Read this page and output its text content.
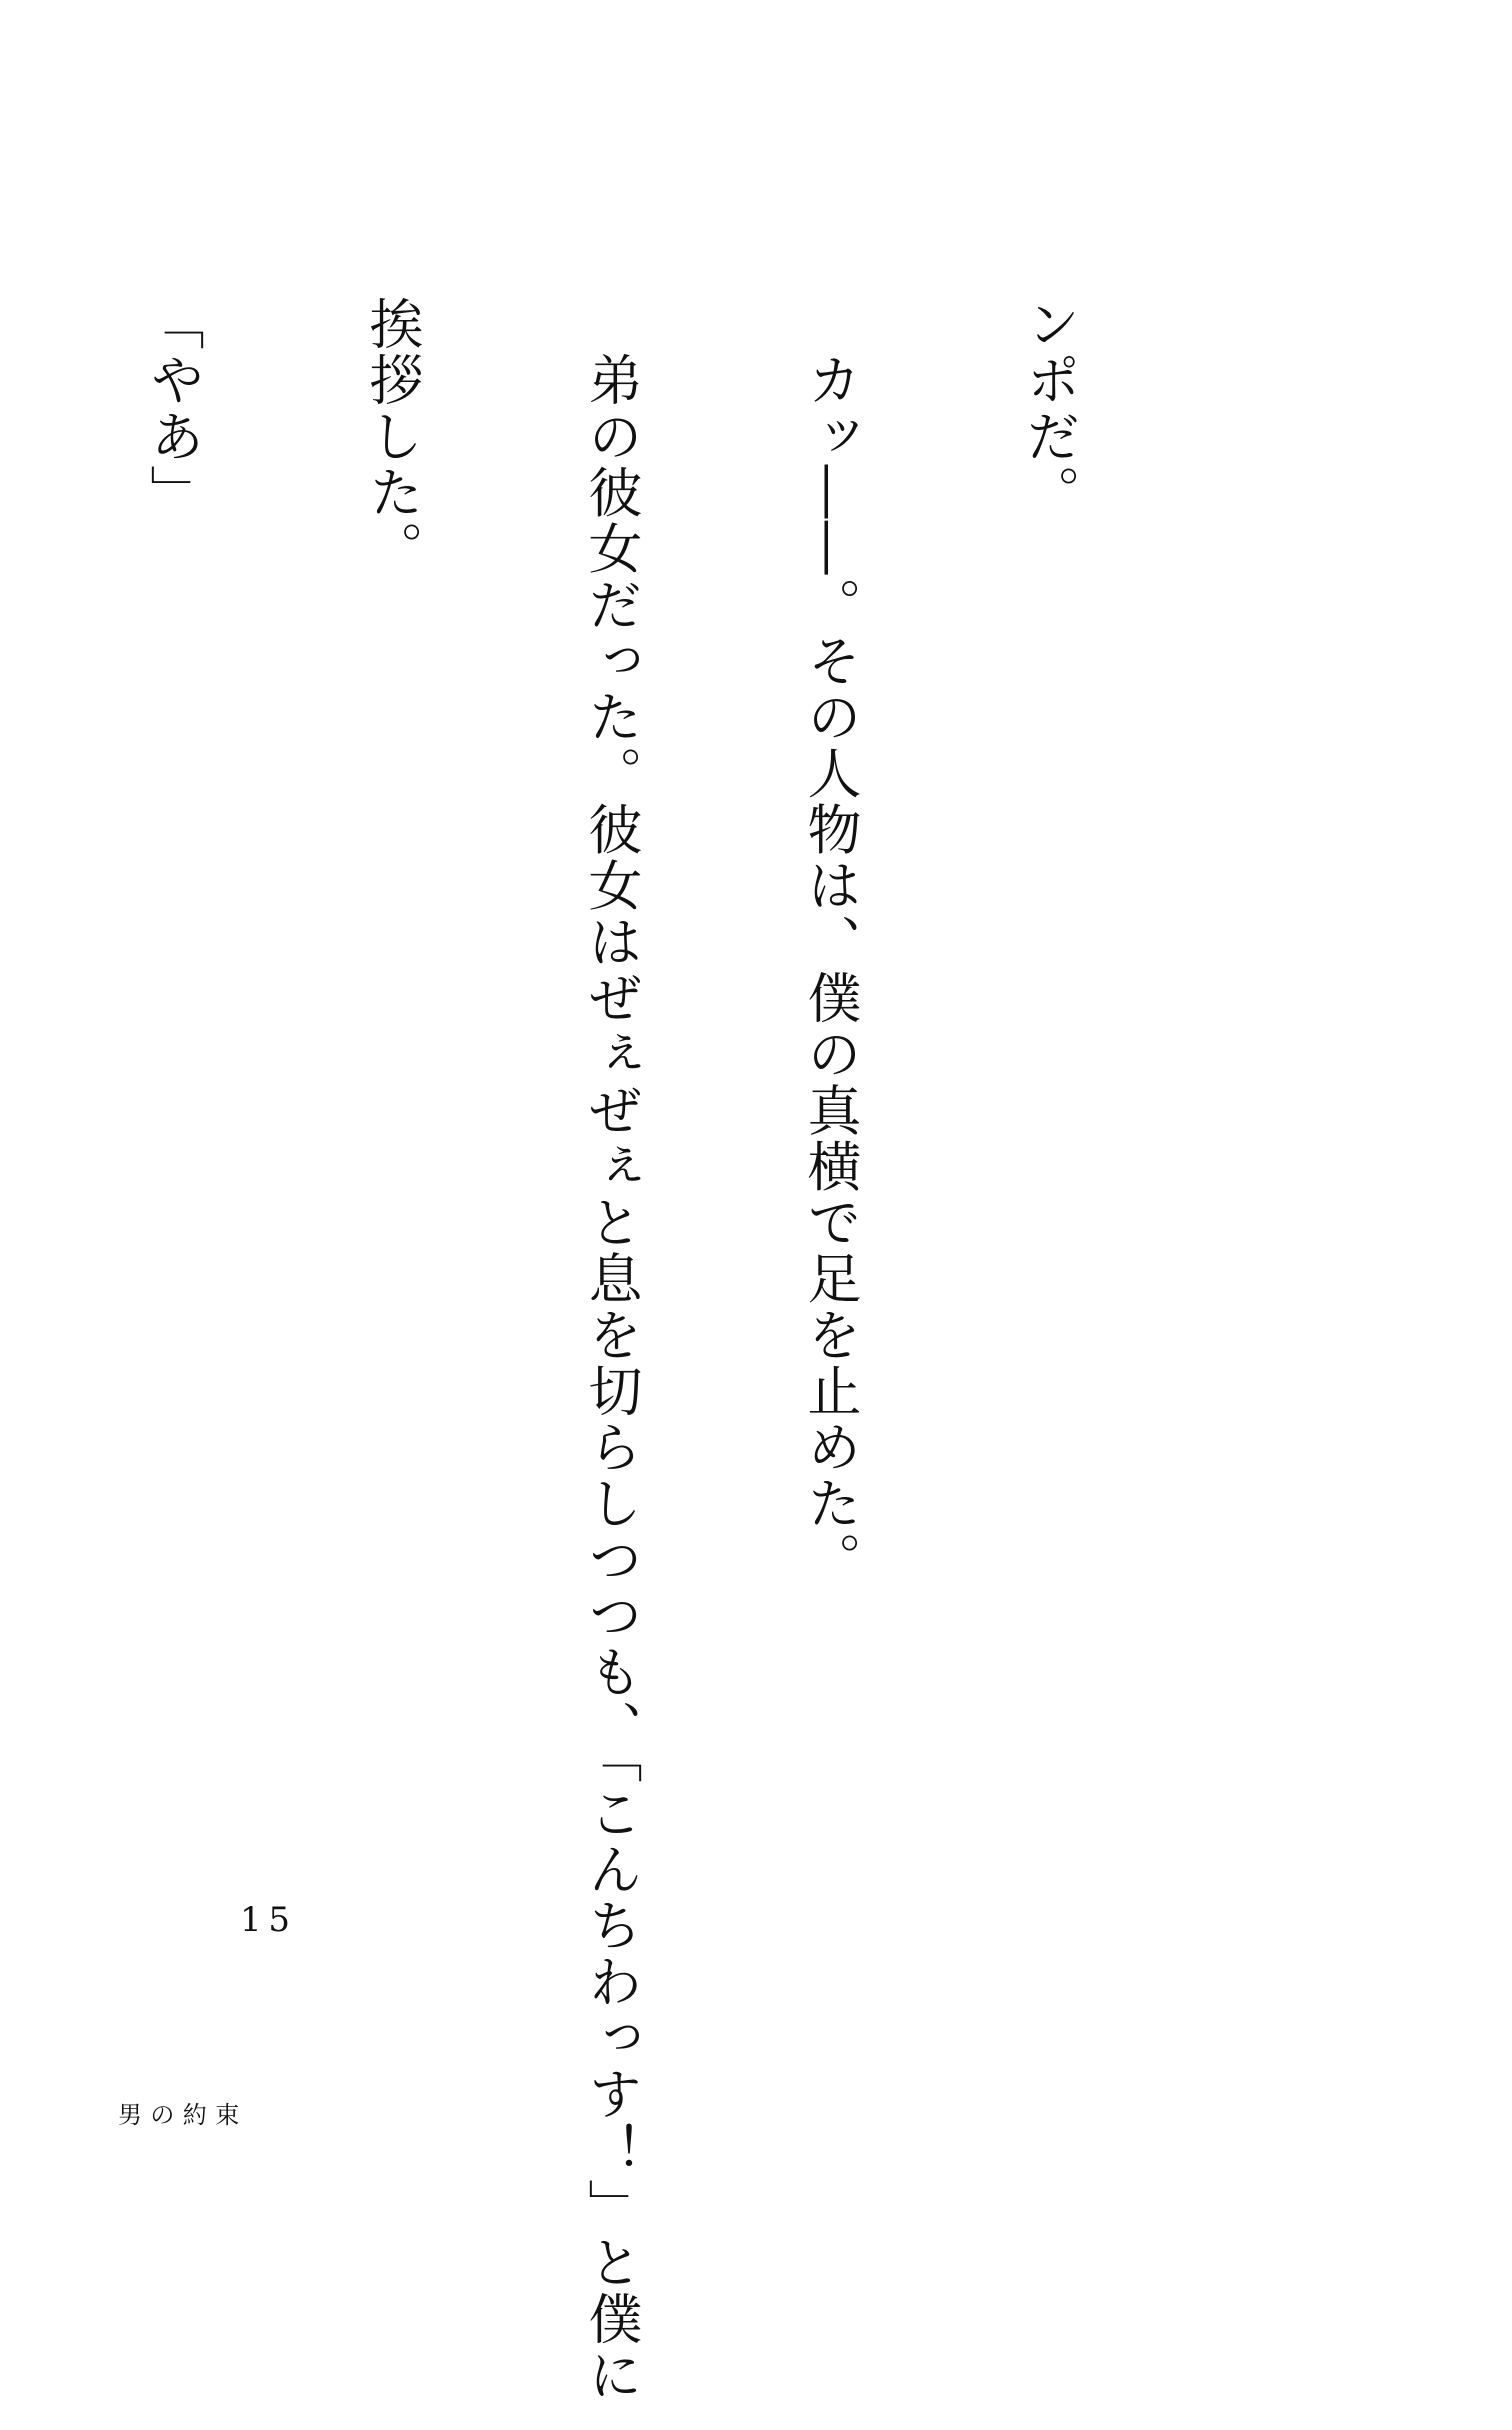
ンポだ。

　カッ――。その人物は、僕の真横で足を止めた。

　弟の彼女だった。彼女はぜぇぜぇと息を切らしつつも、「こんちわっす！」と僕に

挨拶した。

「やあ」

15
男の約束
